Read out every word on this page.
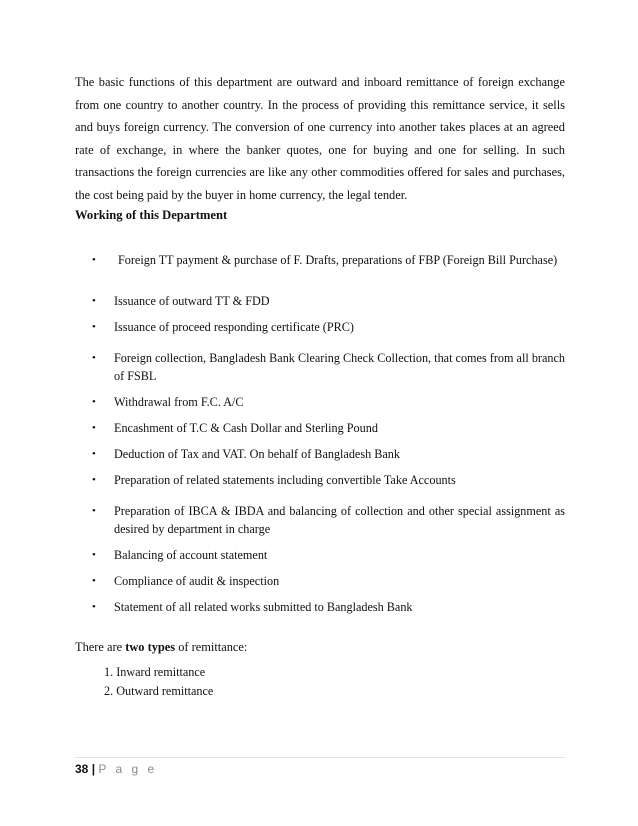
The basic functions of this department are outward and inboard remittance of foreign exchange from one country to another country. In the process of providing this remittance service, it sells and buys foreign currency. The conversion of one currency into another takes places at an agreed rate of exchange, in where the banker quotes, one for buying and one for selling. In such transactions the foreign currencies are like any other commodities offered for sales and purchases, the cost being paid by the buyer in home currency, the legal tender.

Working of this Department

•	Foreign TT payment & purchase of F. Drafts, preparations of FBP (Foreign Bill Purchase)
•	Issuance of outward TT & FDD
•	Issuance of proceed responding certificate (PRC)
•	Foreign collection, Bangladesh Bank Clearing Check Collection, that comes from all branch of FSBL
•	Withdrawal from F.C. A/C
•	Encashment of T.C & Cash Dollar and Sterling Pound
•	Deduction of Tax and VAT. On behalf of Bangladesh Bank
•	Preparation of related statements including convertible Take Accounts
•	Preparation of IBCA & IBDA and balancing of collection and other special assignment as desired by department in charge
•	Balancing of account statement
•	Compliance of audit & inspection
•	Statement of all related works submitted to Bangladesh Bank

There are two types of remittance:

1. Inward remittance
2. Outward remittance
38 | P a g e
